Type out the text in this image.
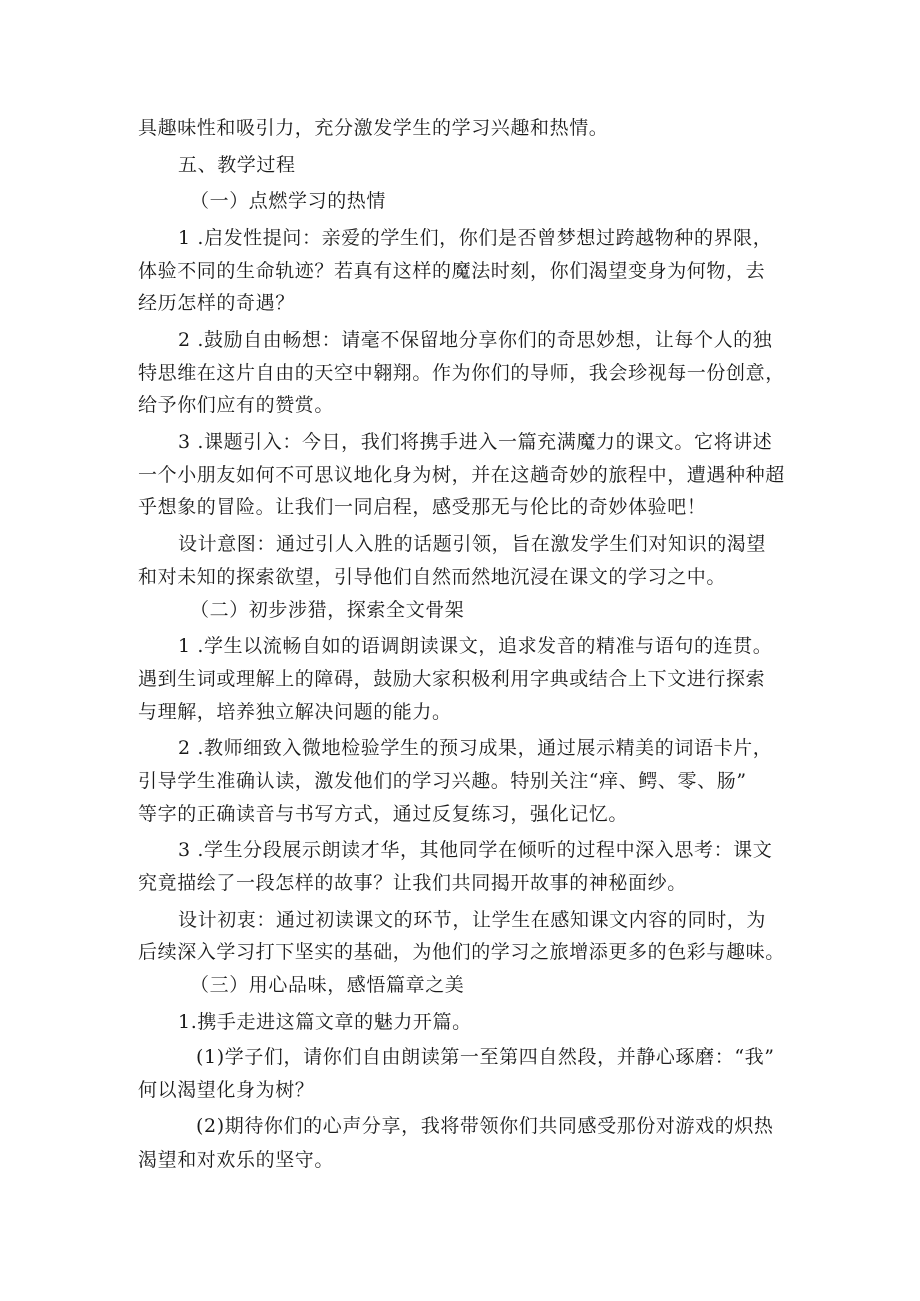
具趣味性和吸引力，充分激发学生的学习兴趣和热情。
五、教学过程
（一）点燃学习的热情
1 .启发性提问：亲爱的学生们，你们是否曾梦想过跨越物种的界限，
体验不同的生命轨迹？若真有这样的魔法时刻，你们渴望变身为何物，去
经历怎样的奇遇？
2 .鼓励自由畅想：请毫不保留地分享你们的奇思妙想，让每个人的独
特思维在这片自由的天空中翱翔。作为你们的导师，我会珍视每一份创意，
给予你们应有的赞赏。
3 .课题引入：今日，我们将携手进入一篇充满魔力的课文。它将讲述
一个小朋友如何不可思议地化身为树，并在这趟奇妙的旅程中，遭遇种种超
乎想象的冒险。让我们一同启程，感受那无与伦比的奇妙体验吧！
设计意图：通过引人入胜的话题引领，旨在激发学生们对知识的渴望
和对未知的探索欲望，引导他们自然而然地沉浸在课文的学习之中。
（二）初步涉猎，探索全文骨架
1 .学生以流畅自如的语调朗读课文，追求发音的精准与语句的连贯。
遇到生词或理解上的障碍，鼓励大家积极利用字典或结合上下文进行探索
与理解，培养独立解决问题的能力。
2 .教师细致入微地检验学生的预习成果，通过展示精美的词语卡片，
引导学生准确认读，激发他们的学习兴趣。特别关注“痒、鳄、零、肠”
等字的正确读音与书写方式，通过反复练习，强化记忆。
3 .学生分段展示朗读才华，其他同学在倾听的过程中深入思考：课文
究竟描绘了一段怎样的故事？让我们共同揭开故事的神秘面纱。
设计初衷：通过初读课文的环节，让学生在感知课文内容的同时，为
后续深入学习打下坚实的基础，为他们的学习之旅增添更多的色彩与趣味。
（三）用心品味，感悟篇章之美
1.携手走进这篇文章的魅力开篇。
(1)学子们，请你们自由朗读第一至第四自然段，并静心琢磨：“我”
何以渴望化身为树？
(2)期待你们的心声分享，我将带领你们共同感受那份对游戏的炽热
渴望和对欢乐的坚守。
